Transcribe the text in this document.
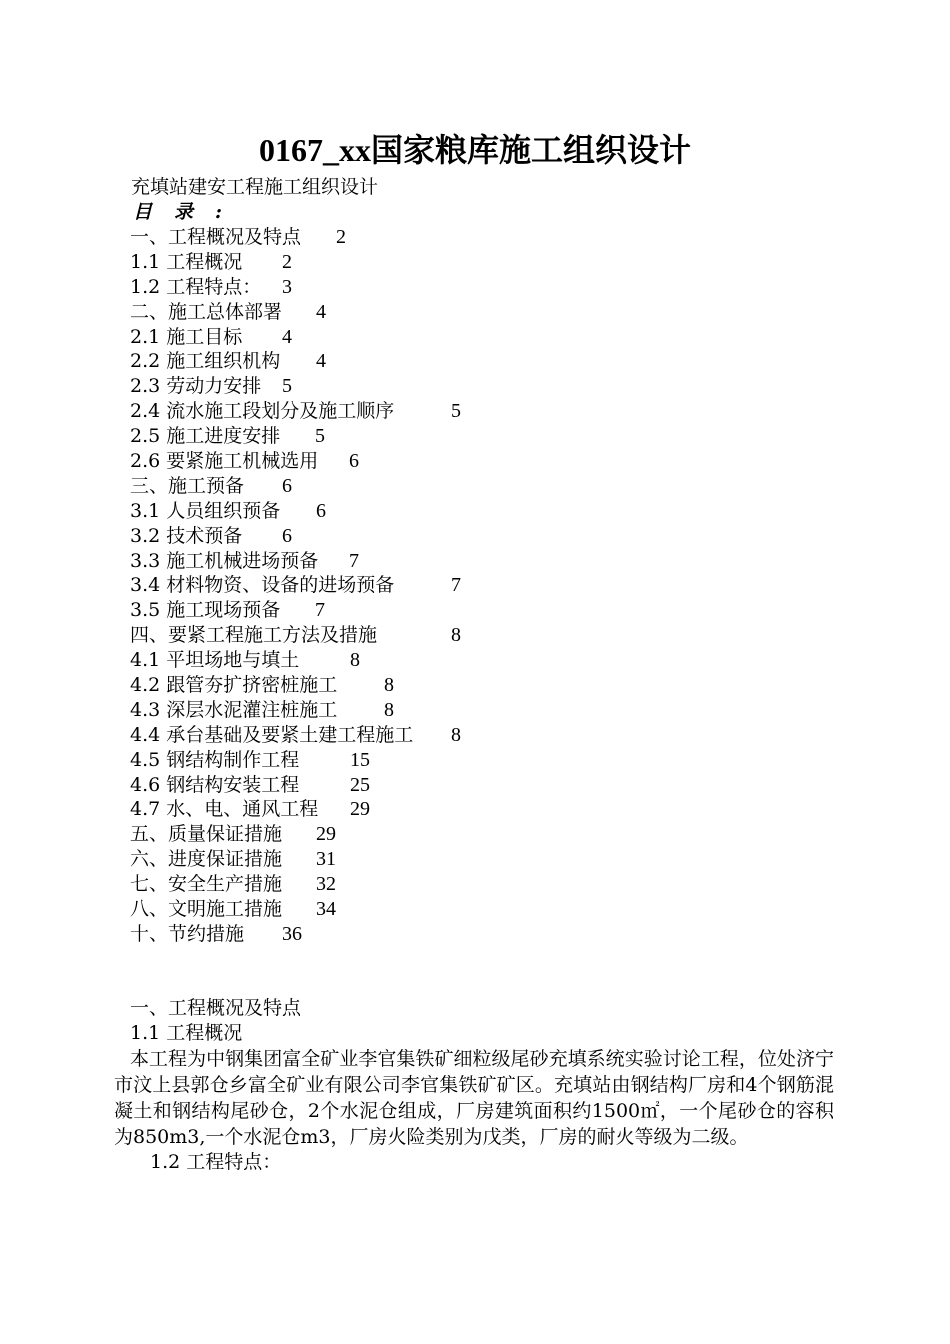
0167_xx国家粮库施工组织设计

充填站建安工程施工组织设计

目录:

一、工程概况及特点 2
1.1 工程概况 2
1.2 工程特点： 3
二、施工总体部署 4
2.1 施工目标 4
2.2 施工组织机构 4
2.3 劳动力安排 5
2.4 流水施工段划分及施工顺序	5
2.5 施工进度安排 5
2.6 要紧施工机械选用 6
三、施工预备 6
3.1 人员组织预备 6
3.2 技术预备 6
3.3 施工机械进场预备 7
3.4 材料物资、设备的进场预备	7
3.5 施工现场预备 7
四、要紧工程施工方法及措施	8
4.1 平坦场地与填土	8
4.2 跟管夯扩挤密桩施工 8
4.3 深层水泥灌注桩施工 8
4.4 承台基础及要紧土建工程施工 8
4.5 钢结构制作工程	15
4.6 钢结构安装工程	25
4.7 水、电、通风工程 29
五、质量保证措施 29
六、进度保证措施 31
七、安全生产措施 32
八、文明施工措施 34
十、节约措施 36
一、工程概况及特点
1.1 工程概况

本工程为中钢集团富全矿业李官集铁矿细粒级尾砂充填系统实验讨论工程，位处济宁市汶上县郭仓乡富全矿业有限公司李官集铁矿矿区。充填站由钢结构厂房和4个钢筋混凝土和钢结构尾砂仓，2个水泥仓组成，厂房建筑面积约1500㎡，一个尾砂仓的容积为850m3,一个水泥仓m3，厂房火险类别为戊类，厂房的耐火等级为二级。

1.2 工程特点：
